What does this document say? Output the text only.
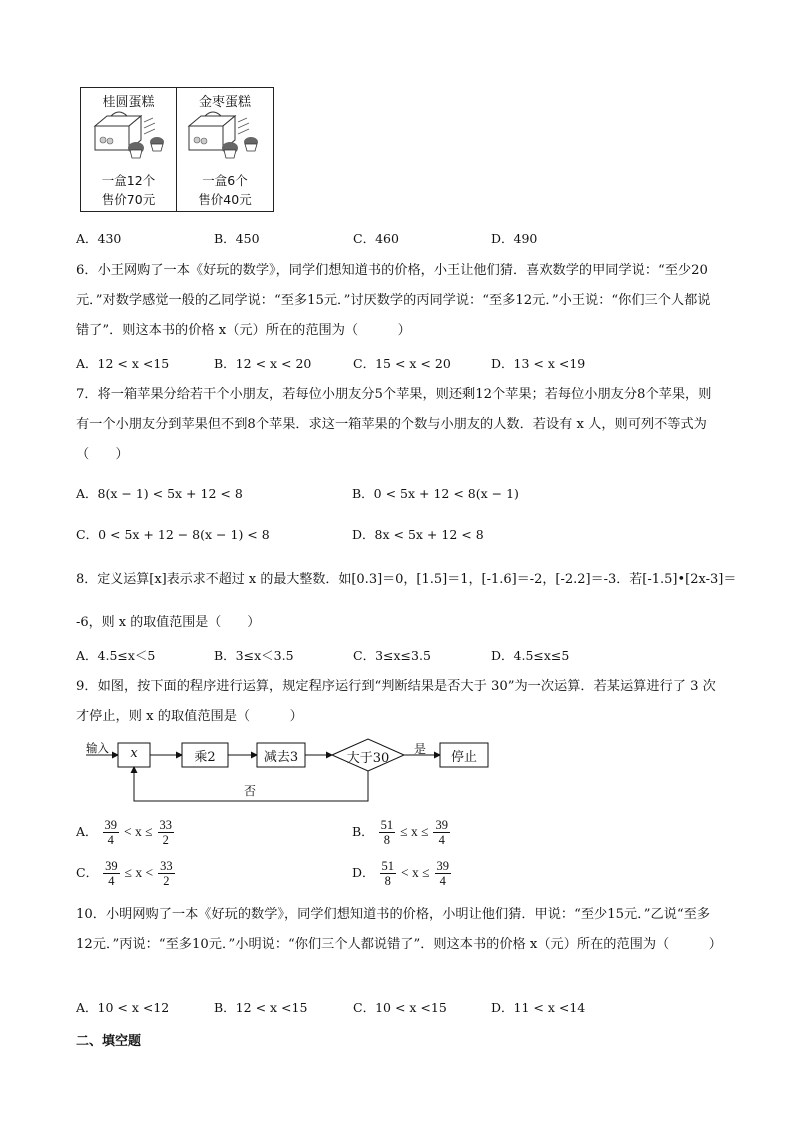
桂圆蛋糕
一盒12个
售价70元
金枣蛋糕
一盒6个
售价40元
A．430	B．450	C．460	D．490
6．小王网购了一本《好玩的数学》，同学们想知道书的价格，小王让他们猜．喜欢数学的甲同学说：“至少20元．”对数学感觉一般的乙同学说：“至多15元．”讨厌数学的丙同学说：“至多12元．”小王说：“你们三个人都说错了”．则这本书的价格 x（元）所在的范围为（　　　）
A．12 < x <15	B．12 < x < 20	C．15 < x < 20	D．13 < x <19
7．将一箱苹果分给若干个小朋友，若每位小朋友分5个苹果，则还剩12个苹果；若每位小朋友分8个苹果，则有一个小朋友分到苹果但不到8个苹果．求这一箱苹果的个数与小朋友的人数．若设有 x 人，则可列不等式为（　　）
A．8(x − 1) < 5x + 12 < 8	B．0 < 5x + 12 < 8(x − 1)
C．0 < 5x + 12 − 8(x − 1) < 8	D．8x < 5x + 12 < 8
8．定义运算[x]表示求不超过 x 的最大整数．如[0.3]＝0，[1.5]＝1，[-1.6]＝-2，[-2.2]＝-3．若[-1.5]•[2x-3]＝
-6，则 x 的取值范围是（　　）
A．4.5≤x＜5	B．3≤x＜3.5	C．3≤x≤3.5	D．4.5≤x≤5
9．如图，按下面的程序进行运算，规定程序运行到“判断结果是否大于 30”为一次运算．若某运算进行了 3 次才停止，则 x 的取值范围是（　　　）
输入	x	乘2	减去3	大于30
是
停止
否
A． $\frac{39}{4} < x \le \frac{33}{2}$	B． $\frac{51}{8} \le x \le \frac{39}{4}$
C． $\frac{39}{4} \le x < \frac{33}{2}$	D． $\frac{51}{8} < x \le \frac{39}{4}$
10．小明网购了一本《好玩的数学》，同学们想知道书的价格，小明让他们猜．甲说：“至少15元．”乙说“至多12元．”丙说：“至多10元．”小明说：“你们三个人都说错了”．则这本书的价格 x（元）所在的范围为（　　　）
A．10 < x <12	B．12 < x <15	C．10 < x <15	D．11 < x <14
二、填空题
